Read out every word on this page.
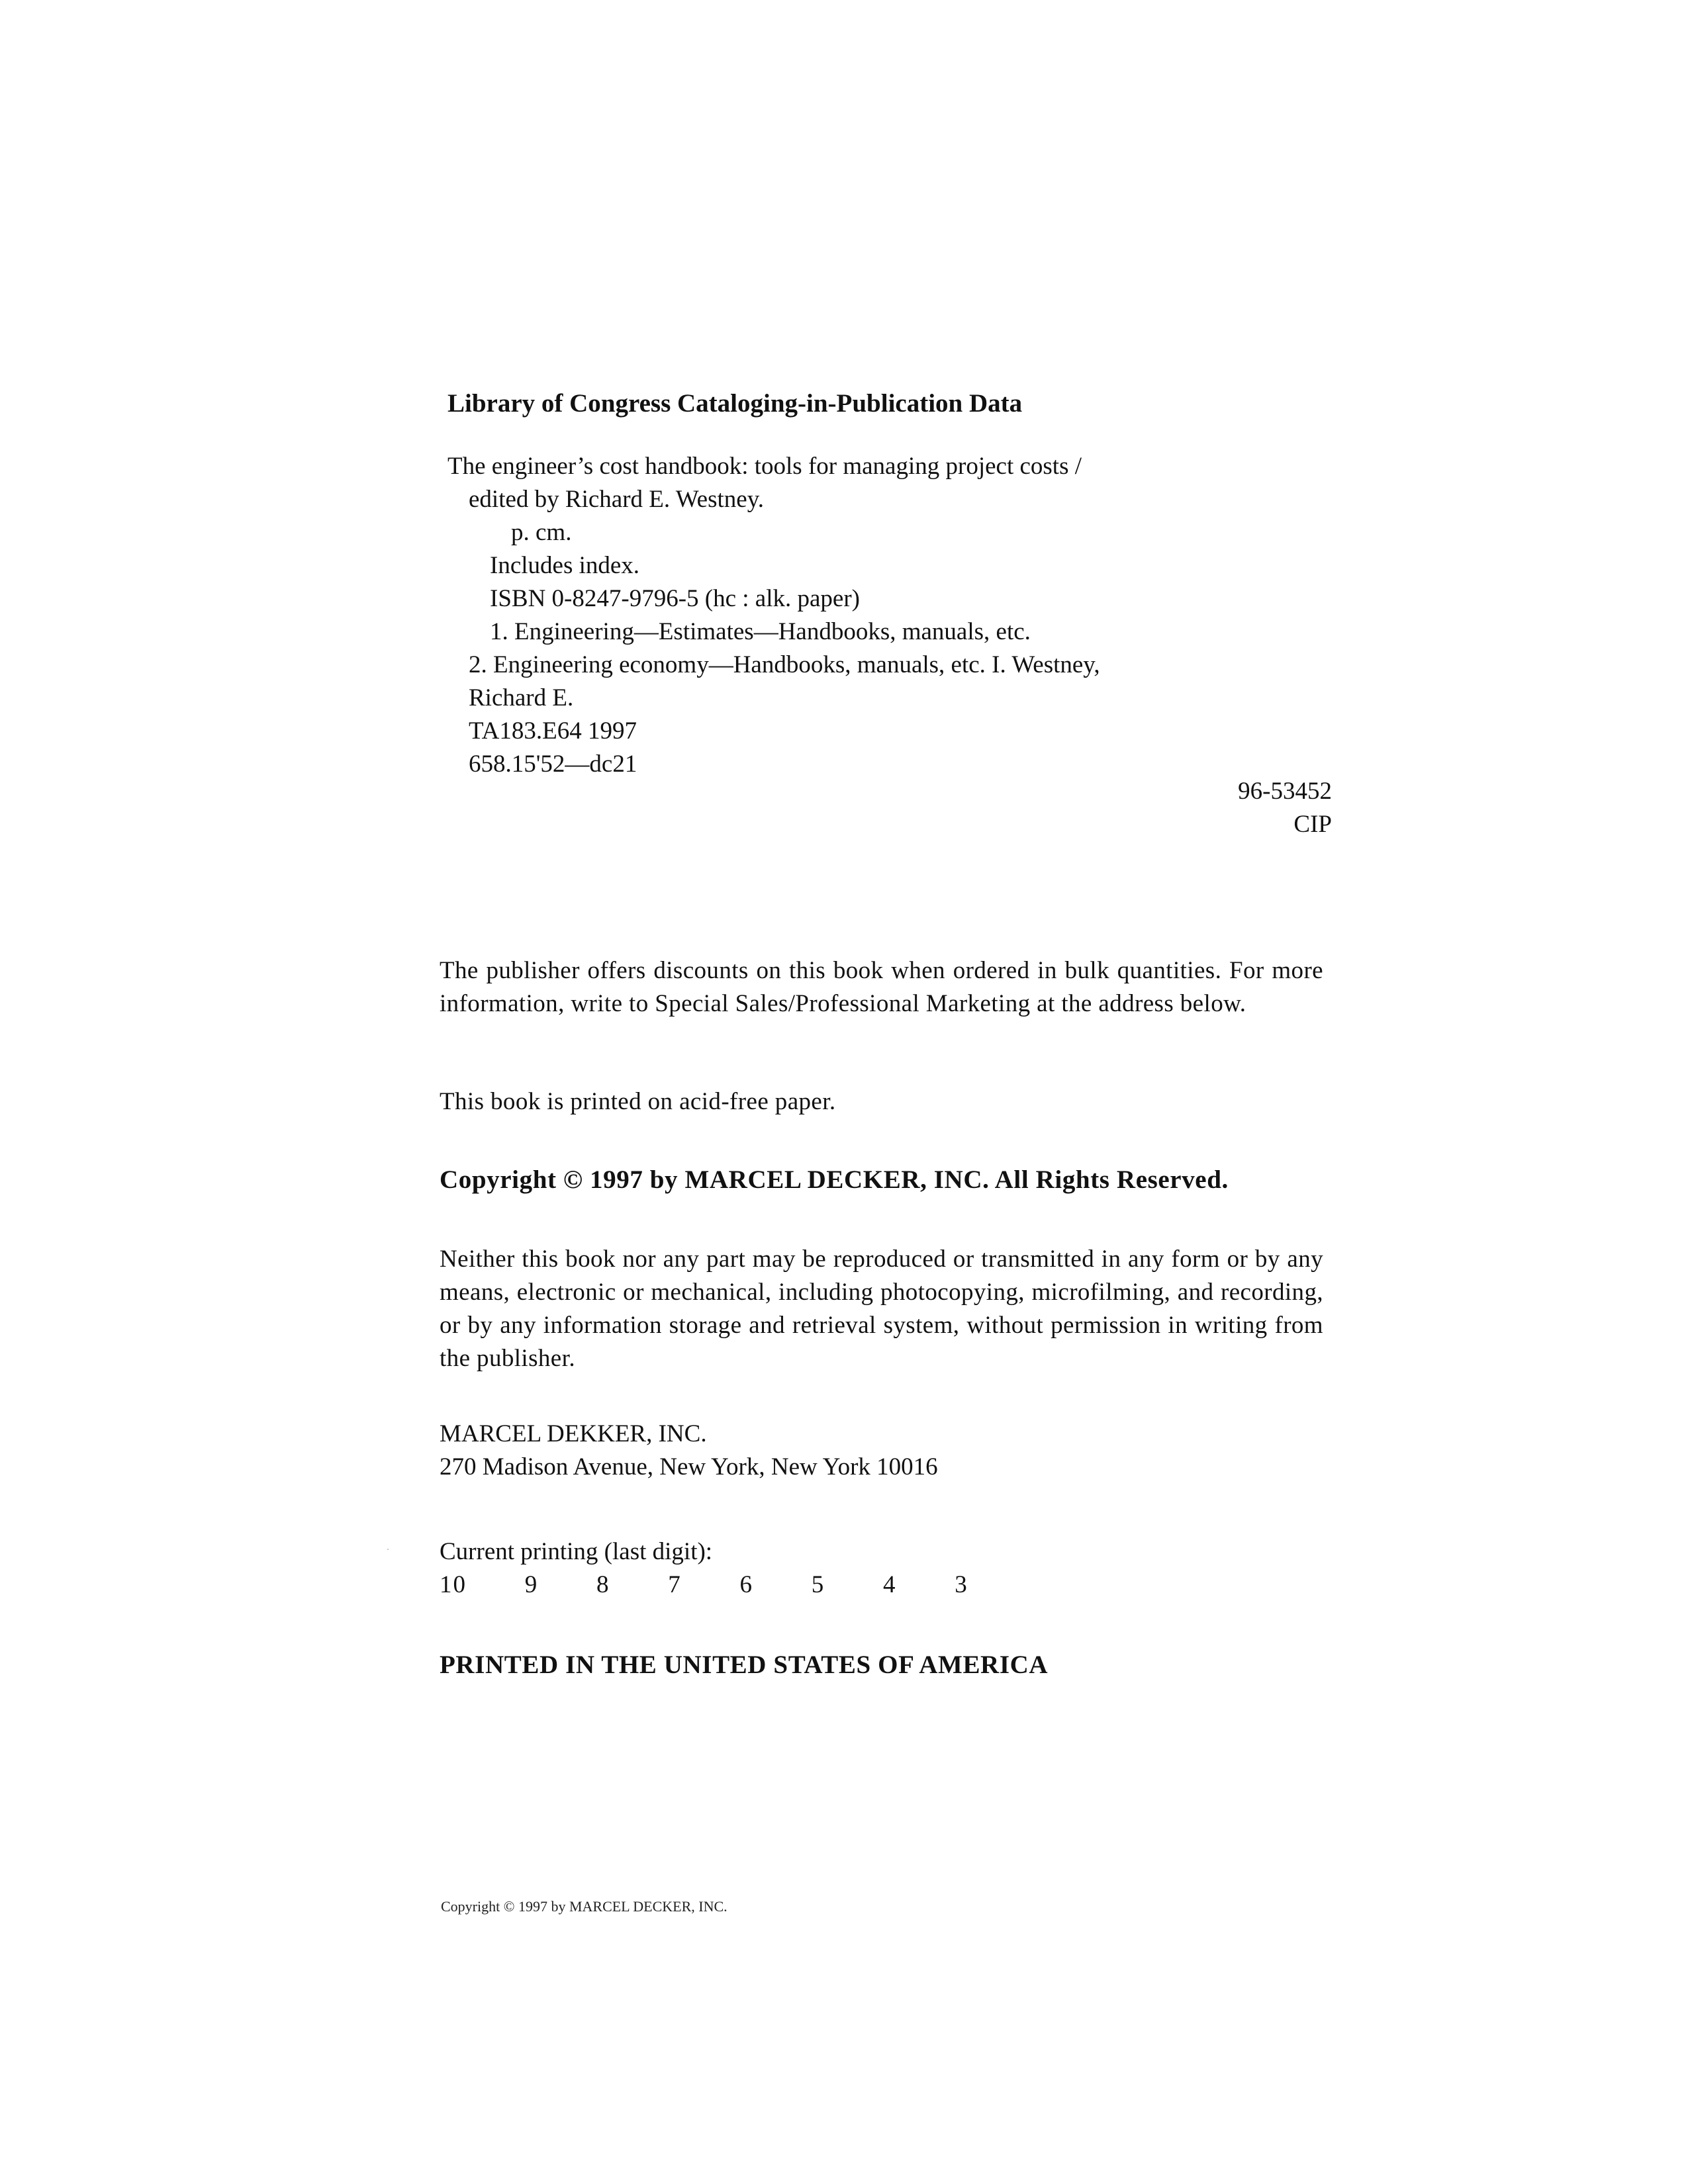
Library of Congress Cataloging-in-Publication Data
The engineer’s cost handbook: tools for managing project costs /
edited by Richard E. Westney.
p. cm.
Includes index.
ISBN 0-8247-9796-5 (hc : alk. paper)
1. Engineering—Estimates—Handbooks, manuals, etc.
2. Engineering economy—Handbooks, manuals, etc. I. Westney,
Richard E.
TA183.E64 1997
658.15'52—dc21
96-53452
CIP
The publisher offers discounts on this book when ordered in bulk quantities. For more information, write to Special Sales/Professional Marketing at the address below.
This book is printed on acid-free paper.
Copyright © 1997 by MARCEL DECKER, INC. All Rights Reserved.
Neither this book nor any part may be reproduced or transmitted in any form or by any means, electronic or mechanical, including photocopying, microfilming, and recording, or by any information storage and retrieval system, without permission in writing from the publisher.
MARCEL DEKKER, INC.
270 Madison Avenue, New York, New York 10016
Current printing (last digit):
10   9   8   7   6   5   4   3
PRINTED IN THE UNITED STATES OF AMERICA
Copyright © 1997 by MARCEL DECKER, INC.
